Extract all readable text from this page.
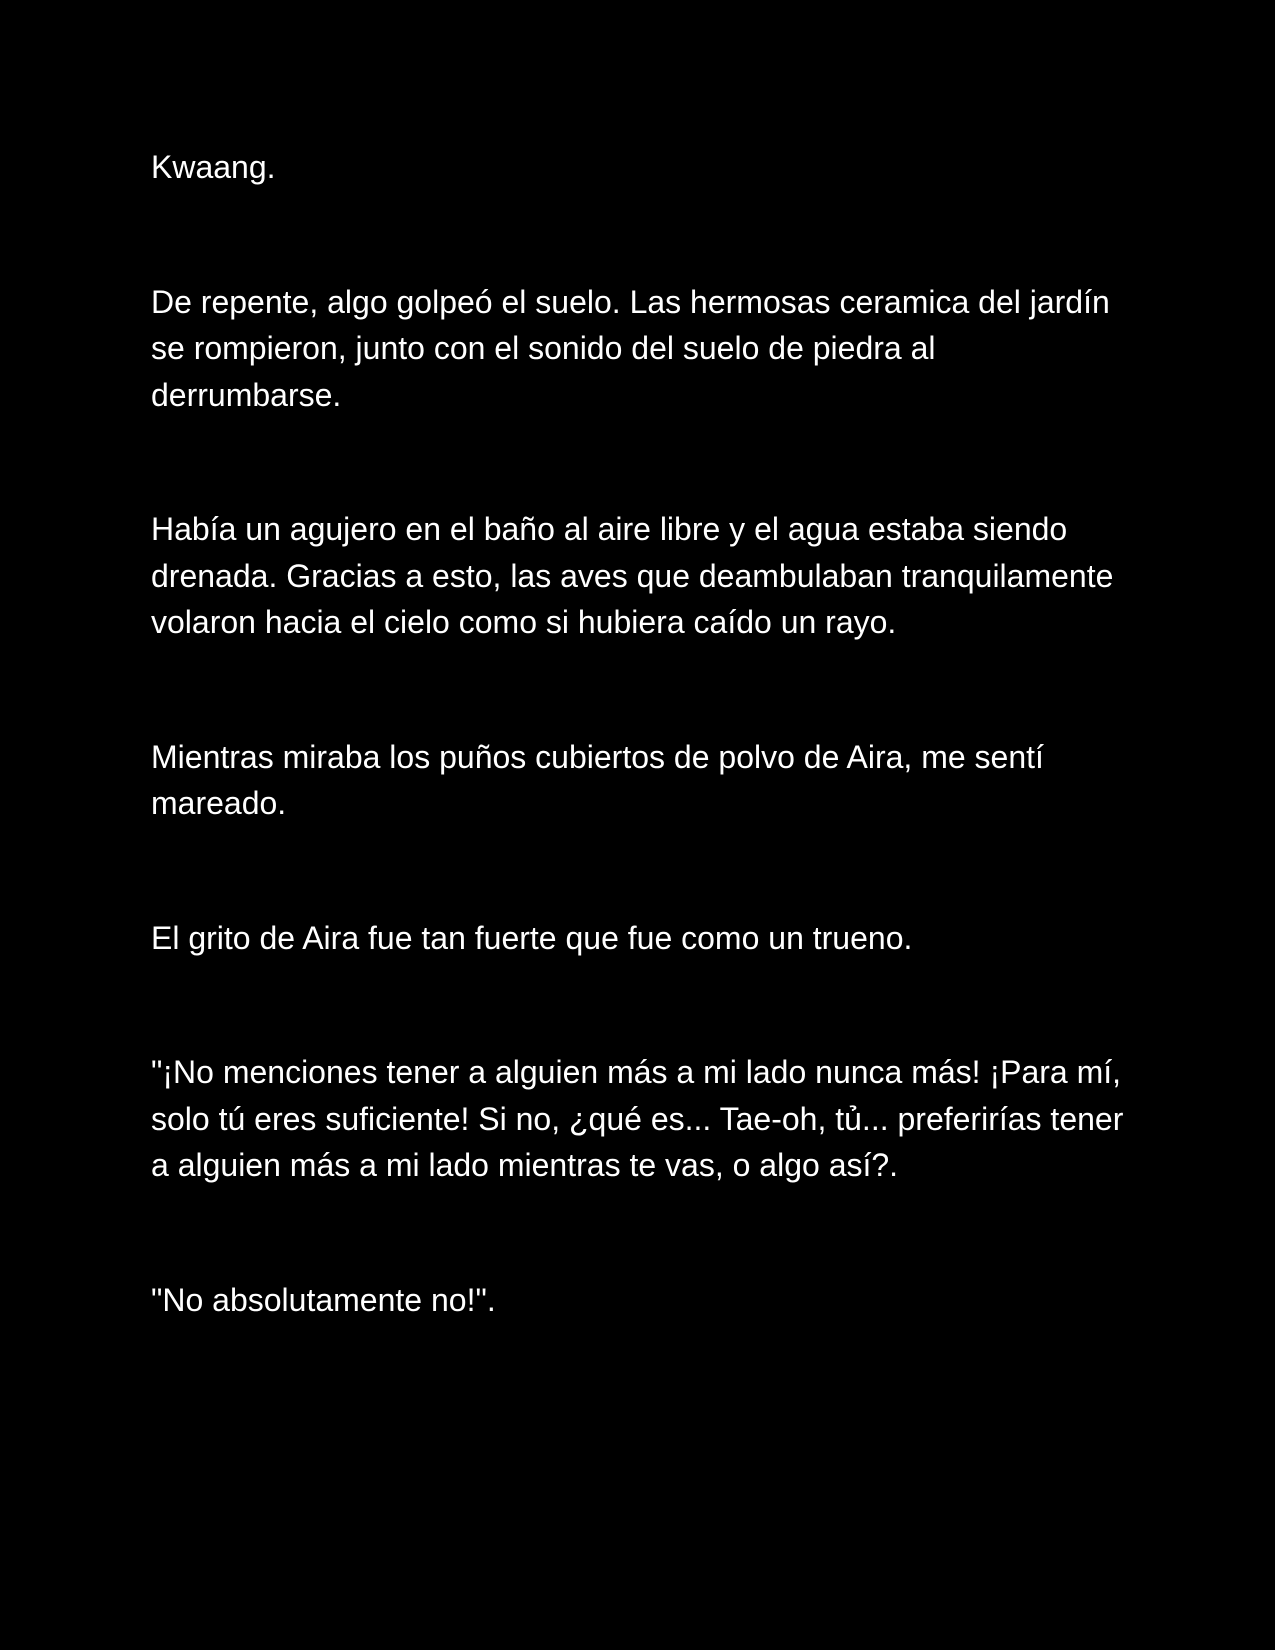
Kwaang.

De repente, algo golpeó el suelo. Las hermosas ceramica del jardín se rompieron, junto con el sonido del suelo de piedra al derrumbarse.

Había un agujero en el baño al aire libre y el agua estaba siendo drenada. Gracias a esto, las aves que deambulaban tranquilamente volaron hacia el cielo como si hubiera caído un rayo.

Mientras miraba los puños cubiertos de polvo de Aira, me sentí mareado.

El grito de Aira fue tan fuerte que fue como un trueno.

"¡No menciones tener a alguien más a mi lado nunca más! ¡Para mí, solo tú eres suficiente! Si no, ¿qué es... Tae-oh, tủ... preferirías tener a alguien más a mi lado mientras te vas, o algo así?.

"No absolutamente no!".
